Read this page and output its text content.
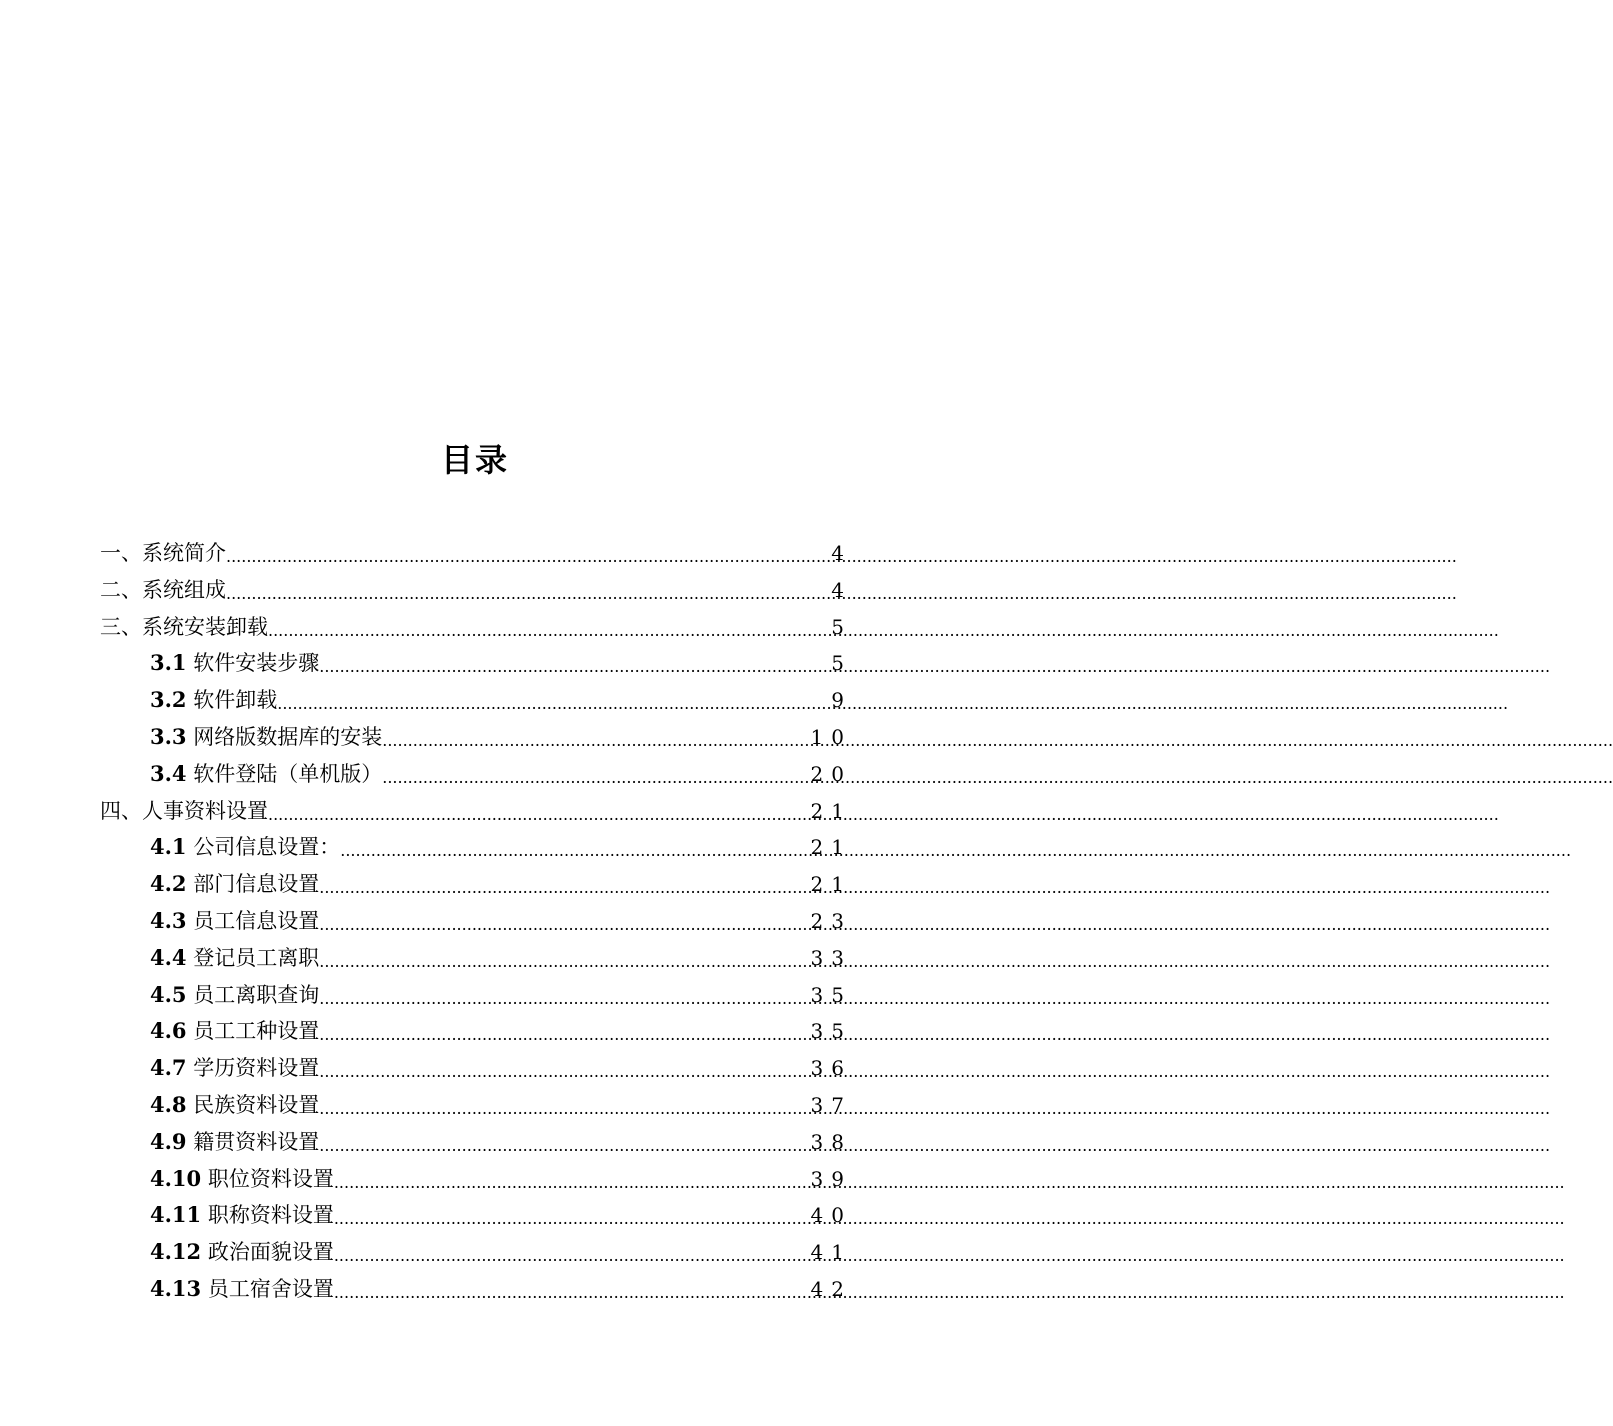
目录
一、系统简介 .....	4
二、系统组成 .....	4
三、系统安装卸载 .....	5
3.1 软件安装步骤 .....	5
3.2 软件卸载 .....	9
3.3 网络版数据库的安装 .....	10
3.4 软件登陆（单机版） .....	20
四、人事资料设置 .....	21
4.1 公司信息设置： .....	21
4.2 部门信息设置 .....	21
4.3 员工信息设置 .....	23
4.4 登记员工离职 .....	33
4.5 员工离职查询 .....	35
4.6 员工工种设置 .....	35
4.7 学历资料设置 .....	36
4.8 民族资料设置 .....	37
4.9 籍贯资料设置 .....	38
4.10 职位资料设置 .....	39
4.11 职称资料设置 .....	40
4.12 政治面貌设置 .....	41
4.13 员工宿舍设置 .....	42
